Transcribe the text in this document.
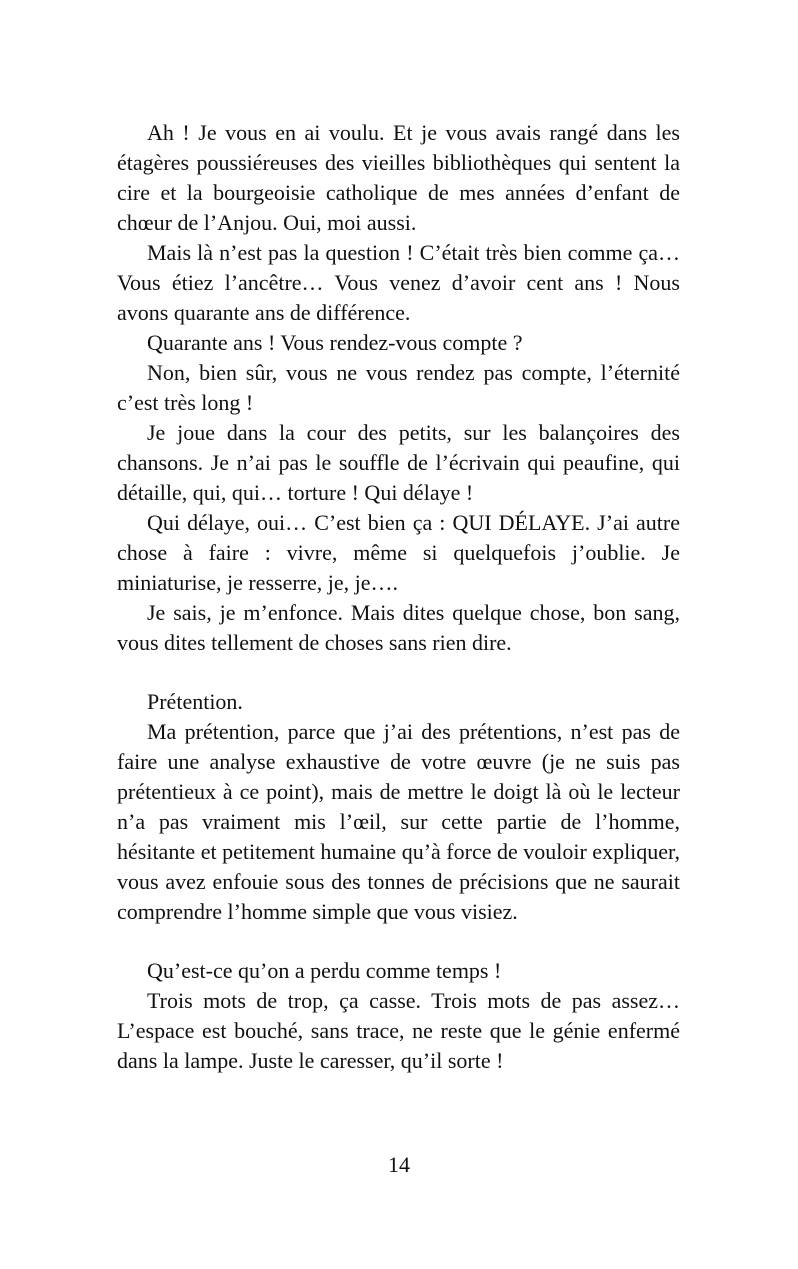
Ah ! Je vous en ai voulu. Et je vous avais rangé dans les étagères poussiéreuses des vieilles bibliothèques qui sentent la cire et la bourgeoisie catholique de mes années d’enfant de chœur de l’Anjou. Oui, moi aussi.

Mais là n’est pas la question ! C’était très bien comme ça… Vous étiez l’ancêtre… Vous venez d’avoir cent ans ! Nous avons quarante ans de différence.

Quarante ans ! Vous rendez-vous compte ?

Non, bien sûr, vous ne vous rendez pas compte, l’éternité c’est très long !

Je joue dans la cour des petits, sur les balançoires des chansons. Je n’ai pas le souffle de l’écrivain qui peaufine, qui détaille, qui, qui… torture ! Qui délaye !

Qui délaye, oui… C’est bien ça : QUI DÉLAYE. J’ai autre chose à faire : vivre, même si quelquefois j’oublie. Je miniaturise, je resserre, je, je….

Je sais, je m’enfonce. Mais dites quelque chose, bon sang, vous dites tellement de choses sans rien dire.

Prétention.

Ma prétention, parce que j’ai des prétentions, n’est pas de faire une analyse exhaustive de votre œuvre (je ne suis pas prétentieux à ce point), mais de mettre le doigt là où le lecteur n’a pas vraiment mis l’œil, sur cette partie de l’homme, hésitante et petitement humaine qu’à force de vouloir expliquer, vous avez enfouie sous des tonnes de précisions que ne saurait comprendre l’homme simple que vous visiez.

Qu’est-ce qu’on a perdu comme temps !

Trois mots de trop, ça casse. Trois mots de pas assez… L’espace est bouché, sans trace, ne reste que le génie enfermé dans la lampe. Juste le caresser, qu’il sorte !

14
